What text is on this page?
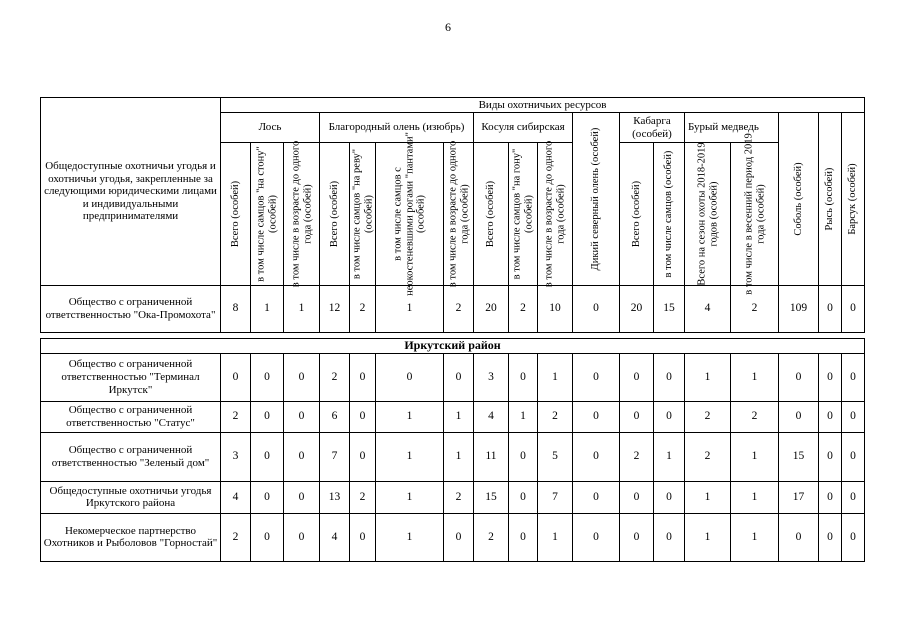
6
Общедоступные охотничьи угодья и охотничьи угодья, закрепленные за следующими юридическими лицами и индивидуальными предпринимателями	Виды охотничьих ресурсов																	
	Лось			Благородный олень (изюбрь)				Косуля сибирская			Дикий северный олень (особей)	Кабарга (особей)		Бурый медведь		Соболь (особей)	Рысь (особей)	Барсук (особей)

	Всего (особей)	в том числе самцов "на стону" (особей)	в том числе в возрасте до одного года (особей)	Всего (особей)	в том числе самцов "на реву" (особей)	в том числе самцов с неокостеневшими рогами "пантами" (особей)	в том числе в возрасте до одного года (особей)	Всего (особей)	в том числе самцов "на гону" (особей)	в том числе в возрасте до одного года (особей)		Всего (особей)	в том числе самцов (особей)	Всего на сезон охоты 2018-2019 годов (особей)	в том числе в весенний период 2019 года (особей)			

Общество с ограниченной ответственностью "Ока-Промохота"	8	1	1	12	2	1	2	20	2	10	0	20	15	4	2	109	0	0

Иркутский район																		
Общество с ограниченной ответственностью "Терминал Иркутск"	0	0	0	2	0	0	0	3	0	1	0	0	0	1	1	0	0	0
Общество с ограниченной ответственностью "Статус"	2	0	0	6	0	1	1	4	1	2	0	0	0	2	2	0	0	0
Общество с ограниченной ответственностью "Зеленый дом"	3	0	0	7	0	1	1	11	0	5	0	2	1	2	1	15	0	0
Общедоступные охотничьи угодья Иркутского района	4	0	0	13	2	1	2	15	0	7	0	0	0	1	1	17	0	0
Некомерческое партнерство Охотников и Рыболовов "Горностай"	2	0	0	4	0	1	0	2	0	1	0	0	0	1	1	0	0	0
